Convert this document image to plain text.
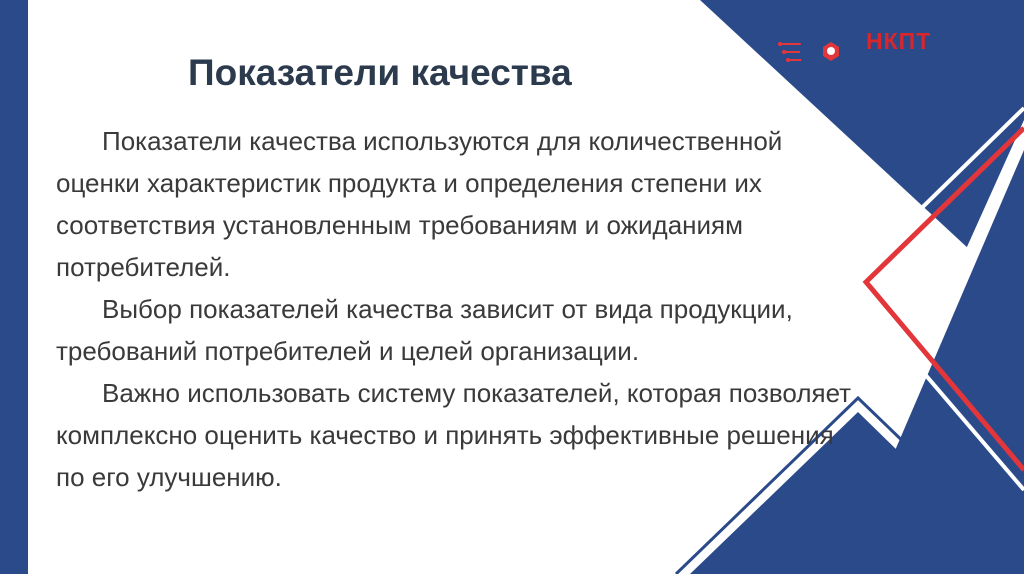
Показатели качества

Показатели качества используются для количественной оценки характеристик продукта и определения степени их соответствия установленным требованиям и ожиданиям потребителей.

Выбор показателей качества зависит от вида продукции, требований потребителей и целей организации.

Важно использовать систему показателей, которая позволяет комплексно оценить качество и принять эффективные решения по его улучшению.

НКПТ
НОВОСИБИРСКИЙ КОЛЛЕДЖ
ПРОМЫШЛЕННЫХ ТЕХНОЛОГИЙ
